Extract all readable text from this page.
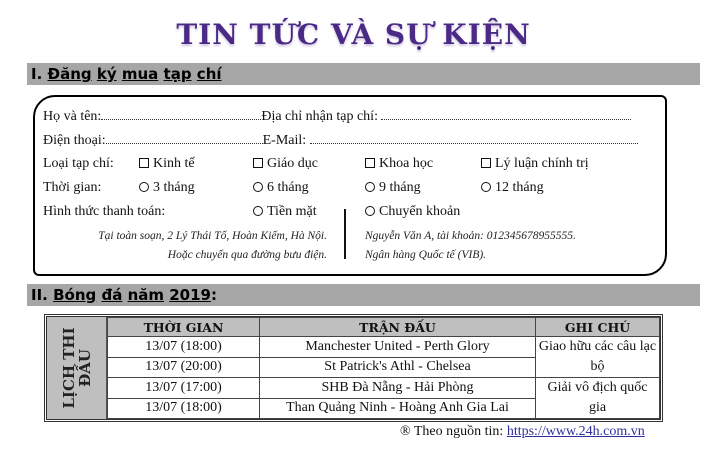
TIN TỨC VÀ SỰ KIỆN
I. Đăng ký mua tạp chí
Họ và tên:	Địa chỉ nhận tạp chí:
Điện thoại:	E-Mail:
Loại tạp chí:	Kinh tế	Giáo dục	Khoa học	Lý luận chính trị
Thời gian:	3 tháng	6 tháng	9 tháng	12 tháng
Hình thức thanh toán:	Tiền mặt	Chuyển khoản
Tại toàn soạn, 2 Lý Thái Tổ, Hoàn Kiếm, Hà Nội.
Hoặc chuyển qua đường bưu điện.
Nguyễn Văn A, tài khoản: 012345678955555.
Ngân hàng Quốc tế (VIB).
II. Bóng đá năm 2019:
LỊCH THI
ĐẤU
THỜI GIAN	TRẬN ĐẤU	GHI CHÚ
13/07 (18:00)	Manchester United - Perth Glory	Giao hữu các câu lạc bộ
13/07 (20:00)	St Patrick's Athl - Chelsea	
13/07 (17:00)	SHB Đà Nẵng - Hải Phòng	Giải vô địch quốc gia
13/07 (18:00)	Than Quảng Ninh - Hoàng Anh Gia Lai	
® Theo nguồn tin: https://www.24h.com.vn
